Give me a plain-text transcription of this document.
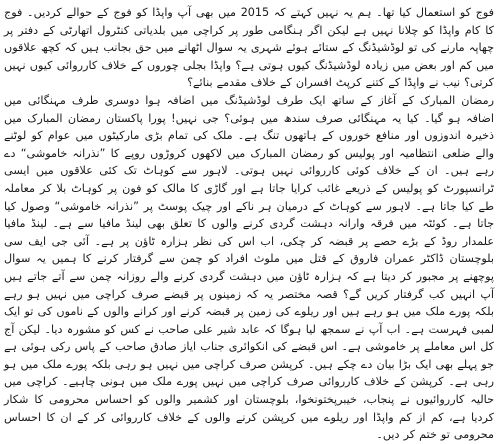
فوج کو استعمال کیا تھا۔ ہم یہ نہیں کہتے کہ 2015 میں بھی آپ واپڈا کو فوج کے حوالے کردیں۔ فوج کا کام واپڈا کو چلانا نہیں ہے لیکن اگر ہنگامی طور پر کراچی میں بلدیاتی کنٹرول اتھارٹی کے دفتر پر چھاپہ مارنے کی تو لوڈشیڈنگ کے ستائے ہوئے شہری یہ سوال اٹھانے میں حق بجانب ہیں کہ کچھ علاقوں میں کم اور بعض میں زیادہ لوڈشیڈنگ کیوں ہوتی ہے؟ واپڈا بجلی چوروں کے خلاف کارروائی کیوں نہیں کرتی؟ نیب نے واپڈا کے کتنے کرپٹ افسران کے خلاف مقدمے بنائے؟

رمضان المبارک کے آغاز کے ساتھ ایک طرف لوڈشیڈنگ میں اضافہ ہوا دوسری طرف مہنگائی میں اضافہ ہو گیا۔ کیا یہ مہنگائی صرف سندھ میں ہوئی؟ جی نہیں! پورا پاکستان رمضان المبارک میں ذخیرہ اندوزوں اور منافع خوروں کے ہاتھوں تنگ ہے۔ ملک کی تمام بڑی مارکیٹوں میں عوام کو لوٹنے والے ضلعی انتظامیہ اور پولیس کو رمضان المبارک میں لاکھوں کروڑوں روپے کا ”نذرانہ خاموشی“ دے رہے ہیں۔ ان کے خلاف کوئی کارروائی نہیں ہوتی۔ لاہور سے کوہاٹ تک کئی علاقوں میں ایسی ٹرانسپورٹ کو پولیس کے ذریعے غائب کرایا جاتا ہے اور گاڑی کا مالک کو فون پر کوہاٹ بلا کر معاملہ طے کیا جاتا ہے۔ لاہور سے کوہاٹ کے درمیان ہر ناکے اور چیک پوسٹ پر ”نذرانہ خاموشی“ وصول کیا جاتا ہے۔ کوئٹہ میں فرقہ وارانہ دہشت گردی کرنے والوں کا تعلق بھی لینڈ مافیا سے ہے۔ لینڈ مافیا علمدار روڈ کے بڑے حصے پر قبضہ کر چکی، اب اس کی نظر ہزارہ ٹاؤن پر ہے۔ آئی جی ایف سی بلوچستان ڈاکٹر عمران فاروق کے قتل میں ملوث افراد کو چمن سے گرفتار کرنے کا ہمیں یہ سوال پوچھنے پر مجبور کر دیتا ہے کہ ہزارہ ٹاؤن میں دہشت گردی کرنے والے روزانہ چمن سے آتے جاتے ہیں آپ انہیں کب گرفتار کریں گے؟ قصہ مختصر یہ کہ زمینوں پر قبضے صرف کراچی میں نہیں ہو رہے بلکہ پورے ملک میں ہو رہے ہیں اور ریلوے کی زمین پر قبضہ کرنے اور کرانے والوں کے ناموں کی تو ایک لمبی فہرست ہے۔ اب آپ نے سمجھ لیا ہوگا کہ عابد شیر علی صاحب نے کس کو مشورہ دیا۔ لیکن آج کل اس معاملے پر خاموشی ہے۔ اس قبضے کی انکوائری جناب ایاز صادق صاحب کے پاس رکی ہوئی ہے جو پہلے بھی ایک بڑا بیان دے چکے ہیں۔ کرپشن صرف کراچی میں نہیں ہو رہی بلکہ پورے ملک میں ہو رہی ہے۔ کرپشن کے خلاف کارروائی صرف کراچی میں نہیں پورے ملک میں ہونی چاہیے۔ کراچی میں حالیہ کارروائیوں نے پنجاب، خیبرپختونخوا، بلوچستان اور کشمیر والوں کو احساس محرومی کا شکار کردیا ہے، کم از کم واپڈا اور ریلوے میں کرپشن کرنے والوں کے خلاف کارروائی کر کے ان کا احساس محرومی تو ختم کر دیں۔
